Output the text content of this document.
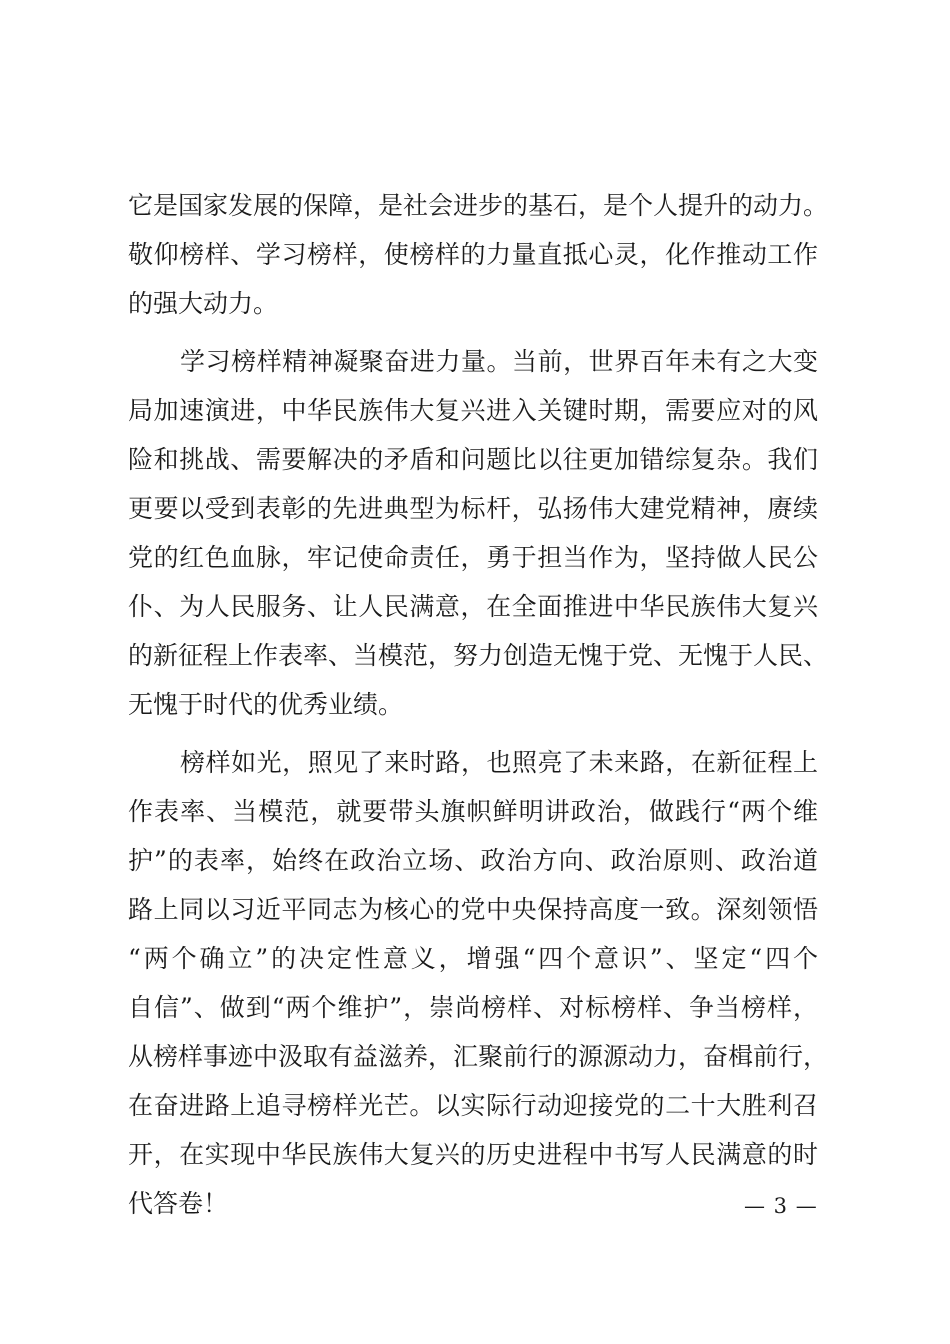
它是国家发展的保障，是社会进步的基石，是个人提升的动力。
敬仰榜样、学习榜样，使榜样的力量直抵心灵，化作推动工作
的强大动力。
学习榜样精神凝聚奋进力量。当前，世界百年未有之大变
局加速演进，中华民族伟大复兴进入关键时期，需要应对的风
险和挑战、需要解决的矛盾和问题比以往更加错综复杂。我们
更要以受到表彰的先进典型为标杆，弘扬伟大建党精神，赓续
党的红色血脉，牢记使命责任，勇于担当作为，坚持做人民公
仆、为人民服务、让人民满意，在全面推进中华民族伟大复兴
的新征程上作表率、当模范，努力创造无愧于党、无愧于人民、
无愧于时代的优秀业绩。
榜样如光，照见了来时路，也照亮了未来路，在新征程上
作表率、当模范，就要带头旗帜鲜明讲政治，做践行“两个维
护”的表率，始终在政治立场、政治方向、政治原则、政治道
路上同以习近平同志为核心的党中央保持高度一致。深刻领悟
“两个确立”的决定性意义，增强“四个意识”、坚定“四个
自信”、做到“两个维护”，崇尚榜样、对标榜样、争当榜样，
从榜样事迹中汲取有益滋养，汇聚前行的源源动力，奋楫前行，
在奋进路上追寻榜样光芒。以实际行动迎接党的二十大胜利召
开，在实现中华民族伟大复兴的历史进程中书写人民满意的时
代答卷！	— 3 —
